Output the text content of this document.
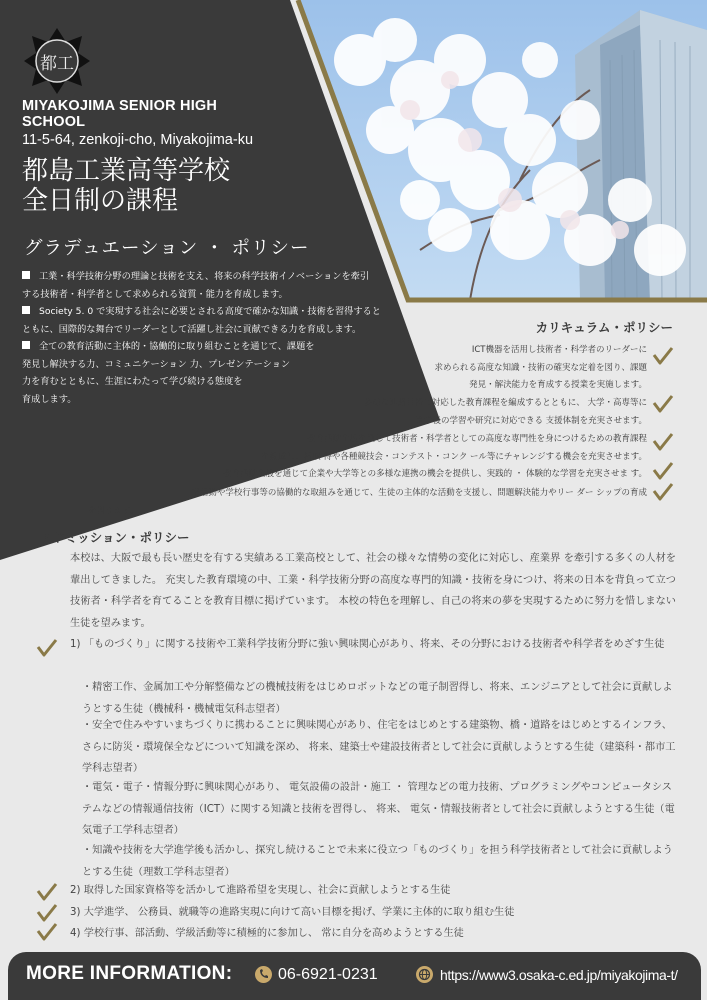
都工
MIYAKOJIMA SENIOR HIGH SCHOOL
11-5-64, zenkoji-cho, Miyakojima-ku
都島工業高等学校
全日制の課程
グラデュエーション ・ ポリシー

工業・科学技術分野の理論と技術を支え、将来の科学技術イノベーションを牽引

する技術者・科学者として求められる資質・能力を育成します。

Society 5. 0 で実現する社会に必要とされる高度で確かな知識・技術を習得すると

ともに、国際的な舞台でリーダーとして活躍し社会に貢献できる力を育成します。

全ての教育活動に主体的・協働的に取り組むことを通じて、課題を

発見し解決する力、コミュニケーション 力、プレゼンテーション

力を育むとともに、生涯にわたって学び続ける態度を

育成します。

カリキュラム・ポリシー
ICT機器を活用し技術者・科学者のリーダーに
求められる高度な知識・技術の確実な定着を図り、課題
発見・解決能力を育成する授業を実施します。
多様な進路目標に対応した教育課程を編成するとともに、 大学・高専等に
進学後の学習や研究に対応できる 支援体制を充実させます。
教育活動全般を通して技術者・科学者としての高度な専門性を身につけるための教育課程
を編成し、格取 得や各種競技会・コンテスト・コンク ール等にチャレンジする機会を充実させます。
教育活動全般を通じて企業や大学等との多様な連携の機会を提供し、実践的 ・ 体験的な学習を充実させま す。
部活動や学校行事等の協働的な取組みを通じて、生徒の主体的な活動を支援し、問題解決能力やリー ダー シップの育成
を図ります。
アドミッション・ポリシー
本校は、大阪で最も長い歴史を有する実績ある工業高校として、社会の様々な情勢の変化に対応し、産業界 を牽引する多くの人材を輩出してきました。 充実した教育環境の中、工業・科学技術分野の高度な専門的知識・技術を身につけ、将来の日本を背負って立つ技術者・科学者を育てることを教育目標に掲げています。 本校の特色を理解し、自己の将来の夢を実現するために努力を惜しまない生徒を望みます。
1) 「ものづくり」に関する技術や工業科学技術分野に強い興味関心があり、将来、その分野における技術者や科学者をめざす生徒
・精密工作、金属加工や分解整備などの機械技術をはじめロボットなどの電子制習得し、将来、エンジニアとして社会に貢献しようとする生徒（機械科・機械電気科志望者）
・安全で住みやすいまちづくりに携わることに興味関心があり、住宅をはじめとする建築物、橋・道路をはじめとするインフラ、さらに防災・環境保全などについて知識を深め、 将来、建築士や建設技術者として社会に貢献しようとする生徒（建築科・都市工学科志望者）
・電気・電子・情報分野に興味関心があり、 電気設備の設計・施工 ・ 管理などの電力技術、プログラミングやコンピュータシステムなどの情報通信技術（ICT）に関する知識と技術を習得し、 将来、 電気・情報技術者として社会に貢献しようとする生徒（電気電子工学科志望者）
・知識や技術を大学進学後も活かし、探究し続けることで未来に役立つ「ものづくり」を担う科学技術者として社会に貢献しようとする生徒（理数工学科志望者）
2) 取得した国家資格等を活かして進路希望を実現し、社会に貢献しようとする生徒
3) 大学進学、 公務員、就職等の進路実現に向けて高い目標を掲げ、学業に主体的に取り組む生徒
4) 学校行事、部活動、学級活動等に積極的に参加し、 常に自分を高めようとする生徒
MORE INFORMATION:	06-6921-0231	https://www3.osaka-c.ed.jp/miyakojima-t/
